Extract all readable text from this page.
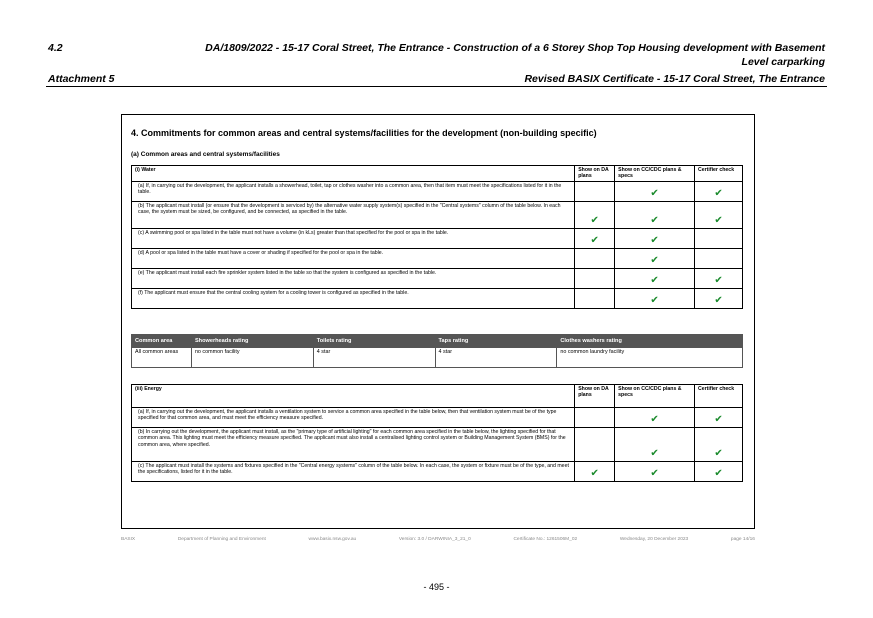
4.2	DA/1809/2022 - 15-17 Coral Street, The Entrance - Construction of a 6 Storey Shop Top Housing development with Basement
Level carparking
Attachment 5	Revised BASIX Certificate - 15-17 Coral Street, The Entrance
4. Commitments for common areas and central systems/facilities for the development (non-building specific)
(a) Common areas and central systems/facilities
(i) Water	Show on DA plans	Show on CC/CDC plans & specs	Certifier check
(a) If, in carrying out the development, the applicant installs a showerhead, toilet, tap or clothes washer into a common area, then that item must meet the specifications listed for it in the table.		✔	✔
(b) The applicant must install (or ensure that the development is serviced by) the alternative water supply system(s) specified in the "Central systems" column of the table below. In each case, the system must be sized, be configured, and be connected, as specified in the table.	✔	✔	✔
(c) A swimming pool or spa listed in the table must not have a volume (in kLs) greater than that specified for the pool or spa in the table.	✔	✔	
(d) A pool or spa listed in the table must have a cover or shading if specified for the pool or spa in the table.		✔	
(e) The applicant must install each fire sprinkler system listed in the table so that the system is configured as specified in the table.		✔	✔
(f) The applicant must ensure that the central cooling system for a cooling tower is configured as specified in the table.		✔	✔
Common area	Showerheads rating	Toilets rating	Taps rating	Clothes washers rating
All common areas	no common facility	4 star	4 star	no common laundry facility
(iii) Energy	Show on DA plans	Show on CC/CDC plans & specs	Certifier check
(a) If, in carrying out the development, the applicant installs a ventilation system to service a common area specified in the table below, then that ventilation system must be of the type specified for that common area, and must meet the efficiency measure specified.		✔	✔
(b) In carrying out the development, the applicant must install, as the "primary type of artificial lighting" for each common area specified in the table below, the lighting specified for that common area. This lighting must meet the efficiency measure specified. The applicant must also install a centralised lighting control system or Building Management System (BMS) for the common area, where specified.		✔	✔
(c) The applicant must install the systems and fixtures specified in the "Central energy systems" column of the table below. In each case, the system or fixture must be of the type, and meet the specifications, listed for it in the table.	✔	✔	✔
BASIX	Department of Planning and Environment	www.basix.nsw.gov.au	Version: 3.0 / DARWINIA_3_21_0	Certificate No.: 1261506M_02	Wednesday, 20 December 2023	page 14/16
- 495 -
